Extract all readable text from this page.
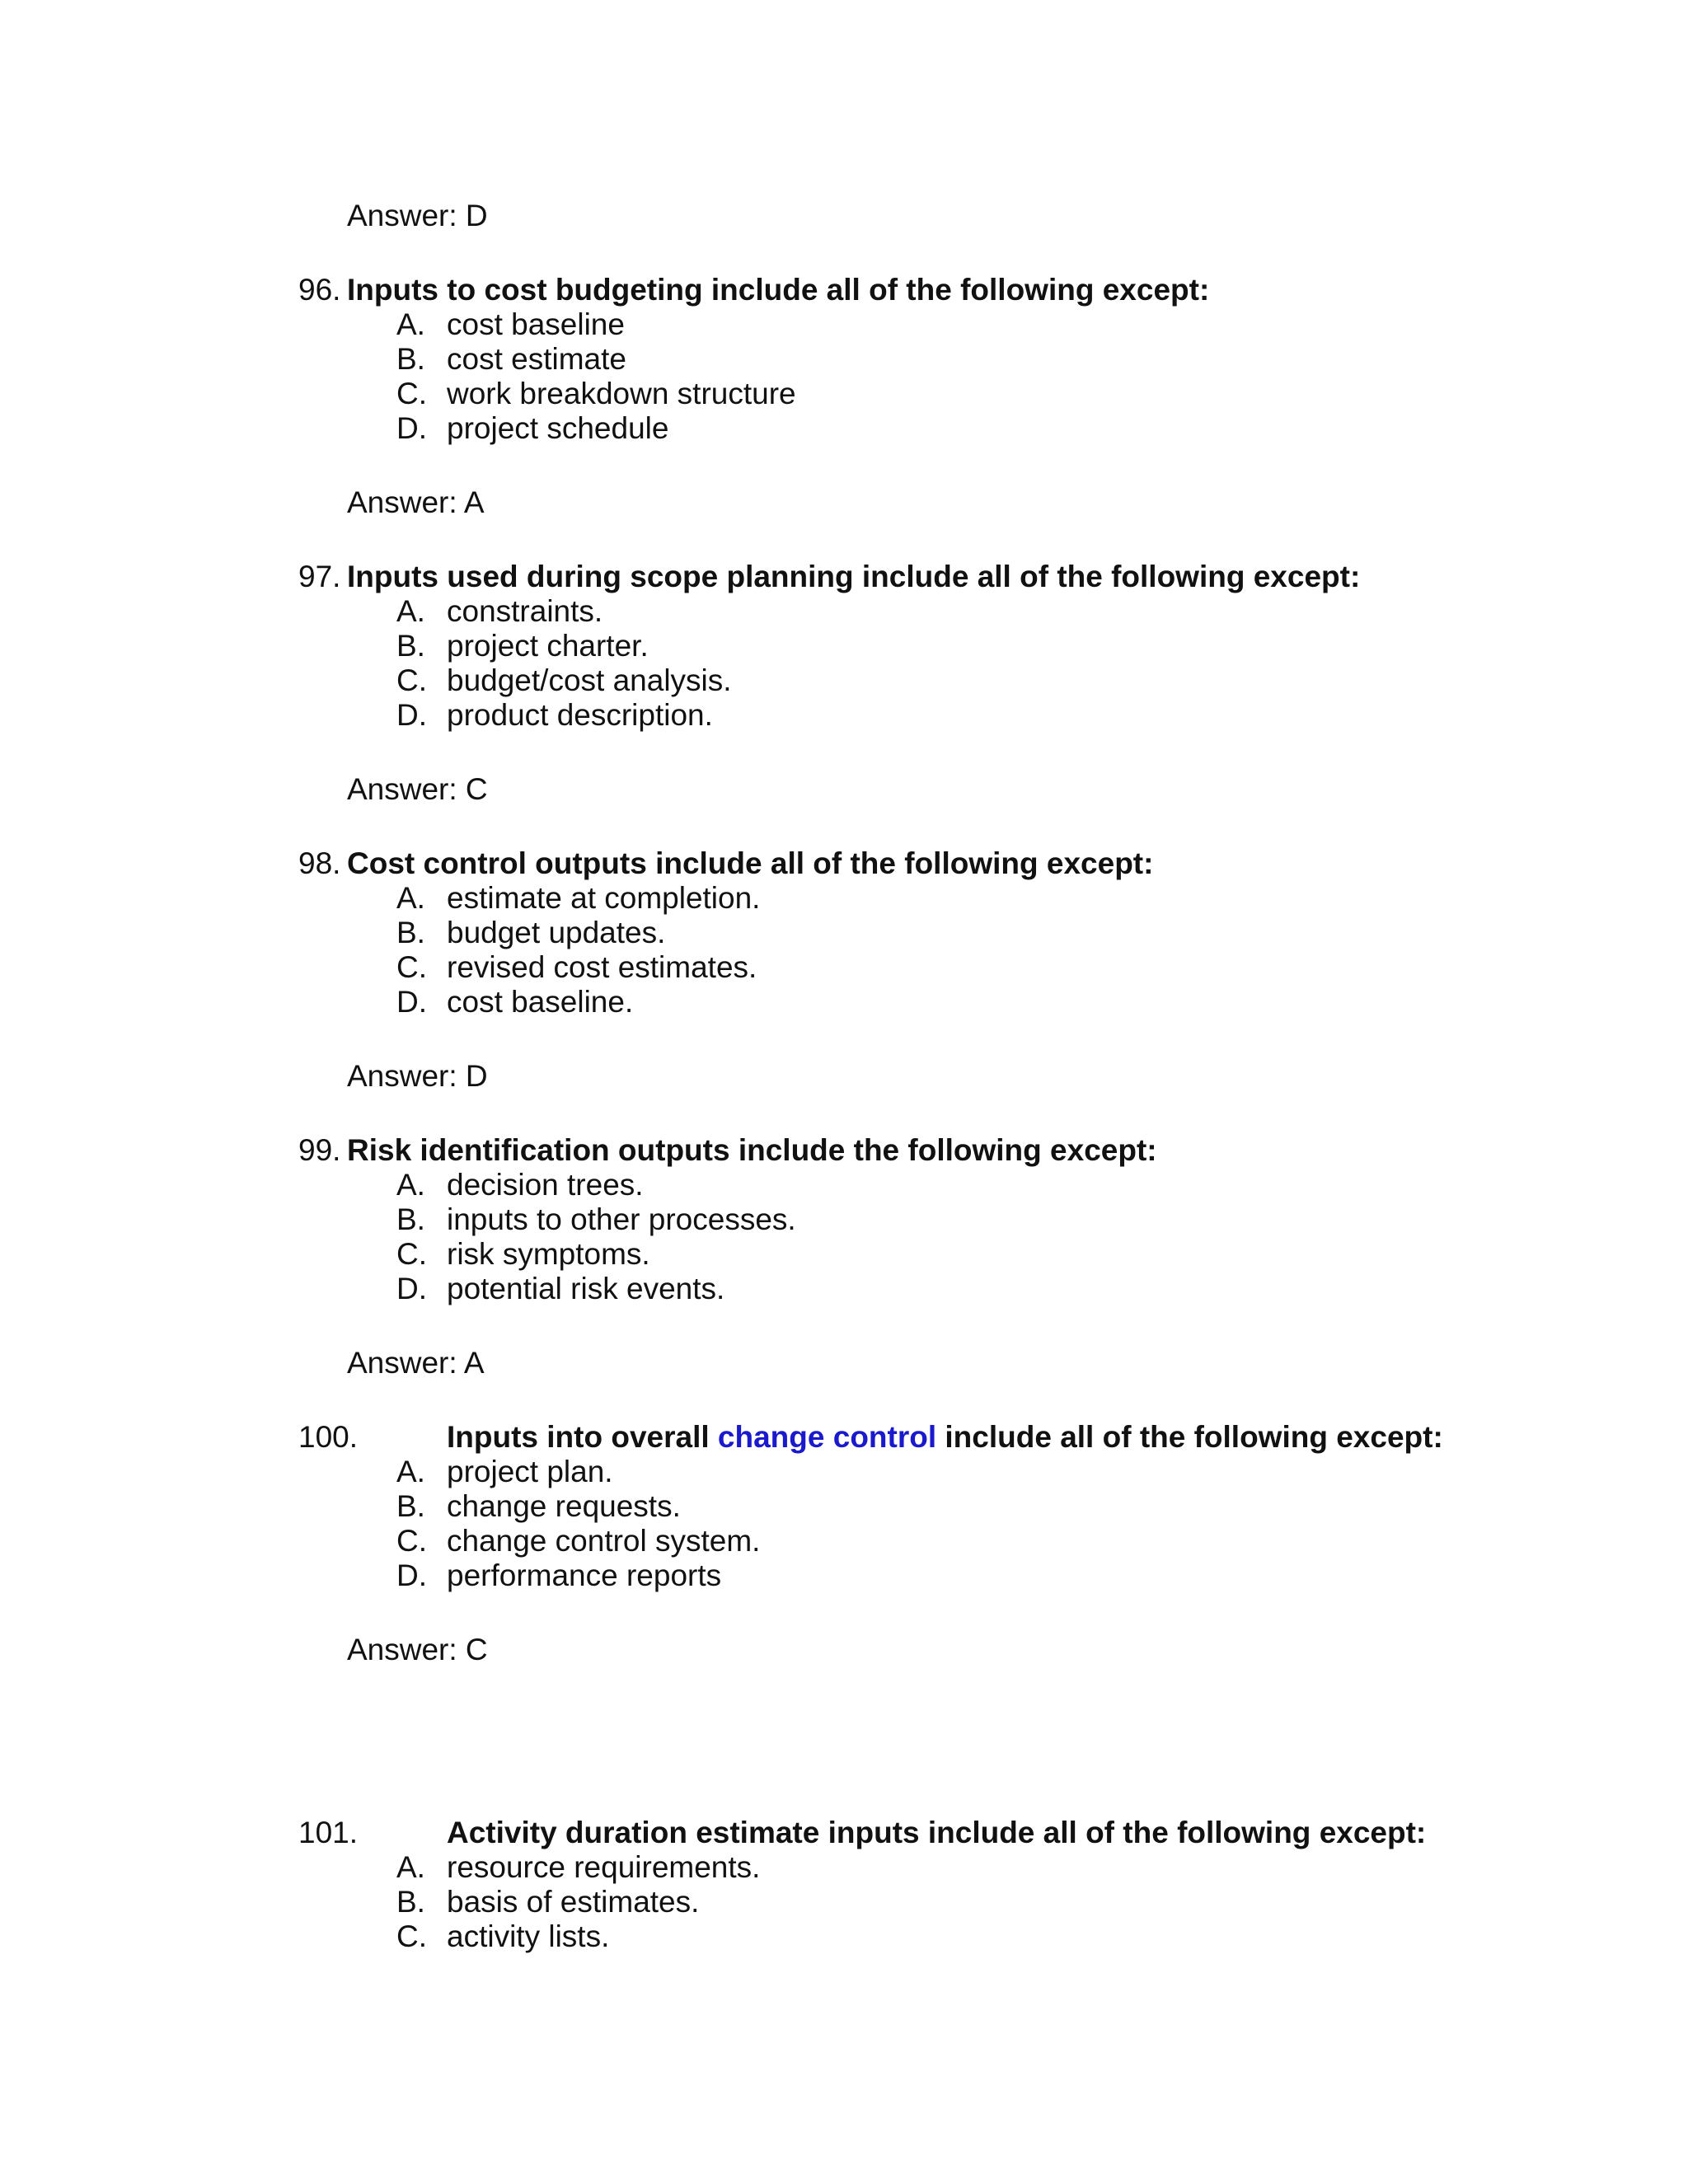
Answer: D
96. Inputs to cost budgeting include all of the following except:
A. cost baseline
B. cost estimate
C. work breakdown structure
D. project schedule
Answer: A
97. Inputs used during scope planning include all of the following except:
A. constraints.
B. project charter.
C. budget/cost analysis.
D. product description.
Answer: C
98. Cost control outputs include all of the following except:
A. estimate at completion.
B. budget updates.
C. revised cost estimates.
D. cost baseline.
Answer: D
99. Risk identification outputs include the following except:
A. decision trees.
B. inputs to other processes.
C. risk symptoms.
D. potential risk events.
Answer: A
100.	Inputs into overall change control include all of the following except:
A. project plan.
B. change requests.
C. change control system.
D. performance reports
Answer: C
101.	Activity duration estimate inputs include all of the following except:
A. resource requirements.
B. basis of estimates.
C. activity lists.
